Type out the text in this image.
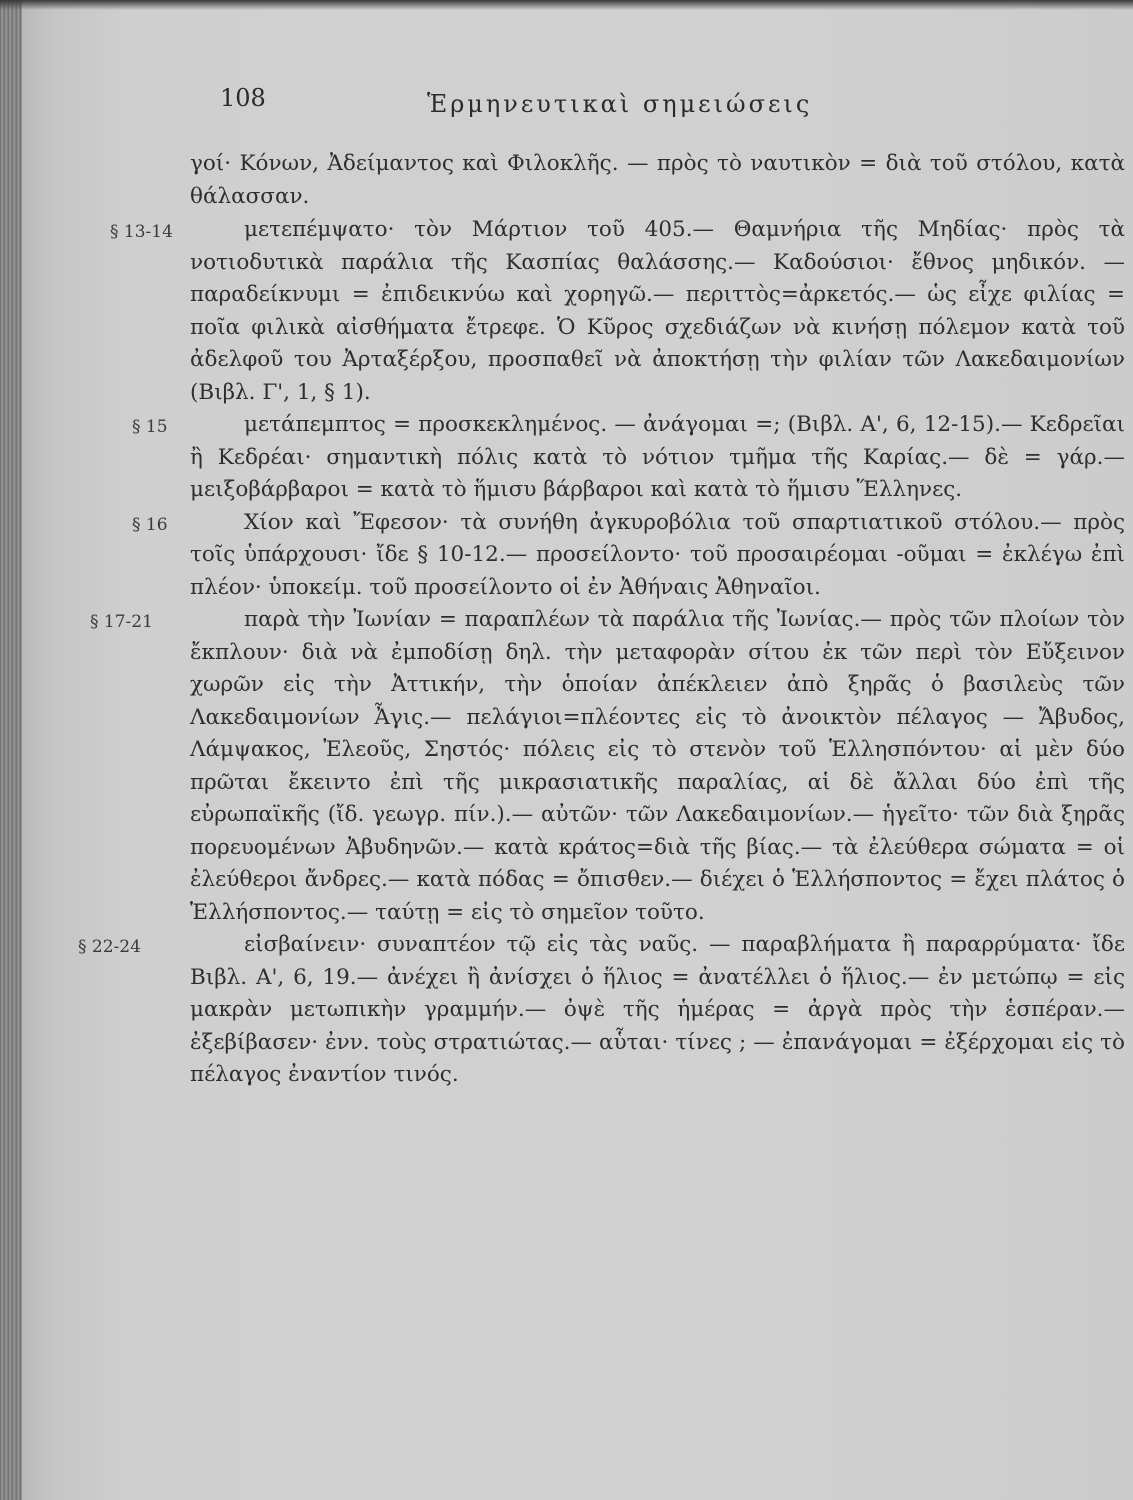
108	Ἑρμηνευτικαὶ σημειώσεις
γοί· Κόνων, Ἀδείμαντος καὶ Φιλοκλῆς. — πρὸς τὸ ναυτικὸν = διὰ τοῦ στόλου, κατὰ θάλασσαν.
§ 13-14	μετεπέμψατο· τὸν Μάρτιον τοῦ 405.— Θαμνήρια τῆς Μηδίας· πρὸς τὰ νοτιοδυτικὰ παράλια τῆς Κασπίας θαλάσσης.— Καδούσιοι· ἔθνος μηδικόν. — παραδείκνυμι = ἐπιδεικνύω καὶ χορηγῶ.— περιττὸς=ἀρκετός.— ὡς εἶχε φιλίας = ποῖα φιλικὰ αἰσθήματα ἔτρεφε. Ὁ Κῦρος σχεδιάζων νὰ κινήσῃ πόλεμον κατὰ τοῦ ἀδελφοῦ του Ἀρταξέρξου, προσπαθεῖ νὰ ἀποκτήσῃ τὴν φιλίαν τῶν Λακεδαιμονίων (Βιβλ. Γ', 1, § 1).
§ 15	μετάπεμπτος = προσκεκλημένος. — ἀνάγομαι =; (Βιβλ. Α', 6, 12-15).— Κεδρεῖαι ἢ Κεδρέαι· σημαντικὴ πόλις κατὰ τὸ νότιον τμῆμα τῆς Καρίας.— δὲ = γάρ.— μειξοβάρβαροι = κατὰ τὸ ἥμισυ βάρβαροι καὶ κατὰ τὸ ἥμισυ Ἕλληνες.
§ 16	Χίον καὶ Ἔφεσον· τὰ συνήθη ἀγκυροβόλια τοῦ σπαρτιατικοῦ στόλου.— πρὸς τοῖς ὑπάρχουσι· ἴδε § 10-12.— προσείλοντο· τοῦ προσαιρέομαι -οῦμαι = ἐκλέγω ἐπὶ πλέον· ὑποκείμ. τοῦ προσείλοντο οἱ ἐν Ἀθήναις Ἀθηναῖοι.
§ 17-21	παρὰ τὴν Ἰωνίαν = παραπλέων τὰ παράλια τῆς Ἰωνίας.— πρὸς τῶν πλοίων τὸν ἔκπλουν· διὰ νὰ ἐμποδίσῃ δηλ. τὴν μεταφορὰν σίτου ἐκ τῶν περὶ τὸν Εὔξεινον χωρῶν εἰς τὴν Ἀττικήν, τὴν ὁποίαν ἀπέκλειεν ἀπὸ ξηρᾶς ὁ βασιλεὺς τῶν Λακεδαιμονίων Ἆγις.— πελάγιοι=πλέοντες εἰς τὸ ἀνοικτὸν πέλαγος — Ἄβυδος, Λάμψακος, Ἐλεοῦς, Σηστός· πόλεις εἰς τὸ στενὸν τοῦ Ἑλλησπόντου· αἱ μὲν δύο πρῶται ἔκειντο ἐπὶ τῆς μικρασιατικῆς παραλίας, αἱ δὲ ἄλλαι δύο ἐπὶ τῆς εὐρωπαϊκῆς (ἴδ. γεωγρ. πίν.).— αὐτῶν· τῶν Λακεδαιμονίων.— ἡγεῖτο· τῶν διὰ ξηρᾶς πορευομένων Ἀβυδηνῶν.— κατὰ κράτος=διὰ τῆς βίας.— τὰ ἐλεύθερα σώματα = οἱ ἐλεύθεροι ἄνδρες.— κατὰ πόδας = ὄπισθεν.— διέχει ὁ Ἑλλήσποντος = ἔχει πλάτος ὁ Ἑλλήσποντος.— ταύτῃ = εἰς τὸ σημεῖον τοῦτο.
§ 22-24	εἰσβαίνειν· συναπτέον τῷ εἰς τὰς ναῦς. — παραβλήματα ἢ παραρρύματα· ἴδε Βιβλ. Α', 6, 19.— ἀνέχει ἢ ἀνίσχει ὁ ἥλιος = ἀνατέλλει ὁ ἥλιος.— ἐν μετώπῳ = εἰς μακρὰν μετωπικὴν γραμμήν.— ὀψὲ τῆς ἡμέρας = ἀργὰ πρὸς τὴν ἑσπέραν.— ἐξεβίβασεν· ἐνν. τοὺς στρατιώτας.— αὗται· τίνες ; — ἐπανάγομαι = ἐξέρχομαι εἰς τὸ πέλαγος ἐναντίον τινός.
